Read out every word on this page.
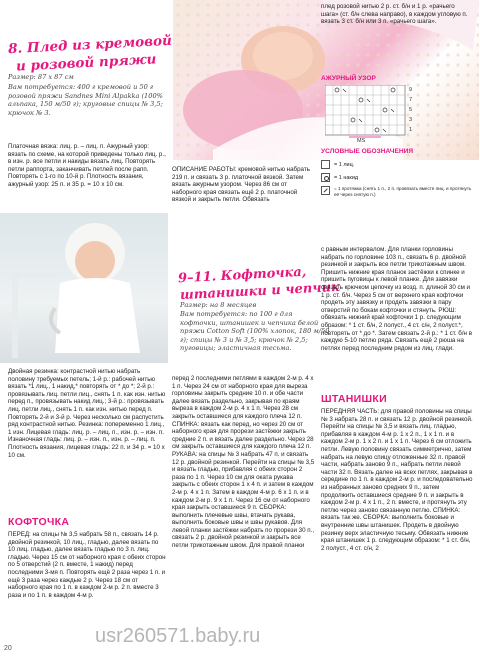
8. Плед из кремовой
и розовой пряжи
Размер: 87 х 87 см
Вам потребуется: 400 г кремовой и 50 г розовой пряжи Sandnes Mini Alpakka (100% альпака, 150 м/50 г); круговые спицы № 3,5; крючок № 3.
Платочная вязка: лиц. р. – лиц. п. Ажурный узор: вязать по схеме, на которой приведены только лиц. р., в изн. р. все петли и накиды вязать лиц. Повторять петли раппорта, заканчивать петлей после рапп. Повторять с 1-го по 10-й р. Плотность вязания, ажурный узор: 25 п. и 35 р. = 10 х 10 см.
ОПИСАНИЕ РАБОТЫ: кремовой нитью набрать 219 п. и связать 3 р. платочной вязкой. Затем вязать ажурным узором. Через 86 см от наборного края связать ещё 2 р. платочной вязкой и закрыть петли. Обвязать
плед розовой нитью 2 р. ст. б/н и 1 р. «рачьего шага» (ст. б/н слева направо), в каждом угловую п. вязать 3 ст. б/н или 3 п. «рачьего шага».
АЖУРНЫЙ УЗОР
9
7
5
3
1
MS
УСЛОВНЫЕ ОБОЗНАЧЕНИЯ
= 1 лиц.
= 1 накид
= 1 протяжка (снять 1 п., 2 п. провязать вместе лиц. и протянуть её через снятую п.)
9–11. Кофточка,
штанишки и чепчик
Размер: на 8 месяцев
Вам потребуется: по 100 г для кофточки, штанишек и чепчика белой пряжи Cotton Soft (100% хлопок, 180 м/50 г); спицы № 3 и № 3,5; крючок № 2,5; пуговицы; эластичная тесьма.
с равным интервалом. Для планки горловины набрать по горловине 103 п., связать 6 р. двойной резинкой и закрыть все петли трикотажным швом. Пришить нижние края планок застёжки к спинке и пришить пуговицы к левой планке. Для завязки связать крючком цепочку из возд. п. длиной 30 см и 1 р. ст. б/н. Через 5 см от верхнего края кофточки продеть эту завязку и продеть завязки в пару отверстий по бокам кофточки и стянуть. РЮШ: обвязать нижний край кофточки 1 р. следующим образом: * 1 ст. б/н, 2 полуст., 4 ст. с/н, 2 полуст.*, повторять от * до *. Затем связать 2-й р.: * 1 ст. б/н в каждую 5-10 петлю ряда. Связать ещё 2 рюша на петлях перед последним рядом из лиц. глади.
Двойная резинка: контрастной нитью набрать половину требуемых петель; 1-й р.: рабочей нитью вязать *1 лиц., 1 накид,* повторять от * до *; 2-й р.: провязывать лиц. петли лиц., снять 1 п. как изн. нитью перед п., провязывать накид лиц.; 3-й р.: провязывать лиц. петли лиц., снять 1 п. как изн. нитью перед п. Повторять 2-й и 3-й р. Через несколько см распустить ряд контрастной нитью. Резинка: попеременно 1 лиц., 1 изн. Лицевая гладь: лиц. р. – лиц. п., изн. р. – изн. п. Изнаночная гладь: лиц. р. – изн. п., изн. р. – лиц. п. Плотность вязания, лицевая гладь: 22 п. и 34 р. = 10 х 10 см.
КОФТОЧКА
ПЕРЕД: на спицы № 3,5 набрать 58 п., связать 14 р. двойной резинкой, 10 лиц., гладью, далее вязать по 10 лиц. гладью, далее вязать гладью по 3 п. лиц. гладью. Через 15 см от наборного края с обеих сторон по 5 отверстий (2 п. вместе, 1 накид) перед последними 3-мя п. Повторять ещё 2 раза через 1 п. и ещё 3 раза через каждые 2 р. Через 18 см от наборного края по 1 п. в каждом 2-м р. 2 п. вместе 3 раза и по 1 п. в каждом 4-м р.
перед 2 последними петлями в каждом 2-м р. 4 х 1 п. Через 24 см от наборного края для выреза горловины закрыть средние 10 п. и обе части далее вязать раздельно, закрывая по краям выреза в каждом 2-м р. 4 х 1 п. Через 28 см закрыть оставшиеся для каждого плеча 12 п. СПИНКА: вязать как перед, но через 20 см от наборного края для прорези застёжки закрыть средние 2 п. и вязать далее раздельно. Через 28 см закрыть оставшиеся для каждого плеча 12 п. РУКАВА: на спицы № 3 набрать 47 п. и связать 12 р. двойной резинкой. Перейти на спицы № 3,5 и вязать гладью, прибавляя с обеих сторон 2 раза по 1 п. Через 10 см для оката рукава закрыть с обеих сторон 1 х 4 п. и затем в каждом 2-м р. 4 х 1 п. Затем в каждом 4-м р. 6 х 1 п. и в каждом 2-м р. 9 х 1 п. Через 16 см от наборного края закрыть оставшиеся 9 п. СБОРКА: выполнить плечевые швы, втачать рукава, выполнить боковые швы и швы рукавов. Для левой планки застёжки набрать по прорези 30 п., связать 2 р. двойной резинкой и закрыть все петли трикотажным швом. Для правой планки
ШТАНИШКИ
ПЕРЕДНЯЯ ЧАСТЬ: для правой половины на спицы № 3 набрать 28 п. и связать 12 р. двойной резинкой. Перейти на спицы № 3,5 и вязать лиц. гладью, прибавляя в каждом 4-м р. 1 х 2 п., 1 х 1 п. и в каждом 2-м р. 1 х 2 п. и 1 х 1 п. Через 6 см отложить петли. Левую половину связать симметрично, затем набрать на левую спицу отложенные 32 п. правой части, набрать заново 9 п., набрать петли левой части 32 п. Вязать далее на всех петлях, закрывая в середине по 1 п. в каждом 2-м р. и последовательно из набранных заново средних 9 п., затем продолжить оставшиеся средние 9 п. и закрыть в каждом 2-м р. 4 х 1 п., 2 п. вместе, и протянуть эту петлю через заново связанную петлю. СПИНКА: вязать так же. СБОРКА: выполнить боковые и внутренние швы штанишек. Продеть в двойную резинку верх эластичную тесьму. Обвязать нижние края штанишек 1 р. следующим образом: * 1 ст. б/н, 2 полуст., 4 ст. с/н, 2
20
usr260571.baby.ru
